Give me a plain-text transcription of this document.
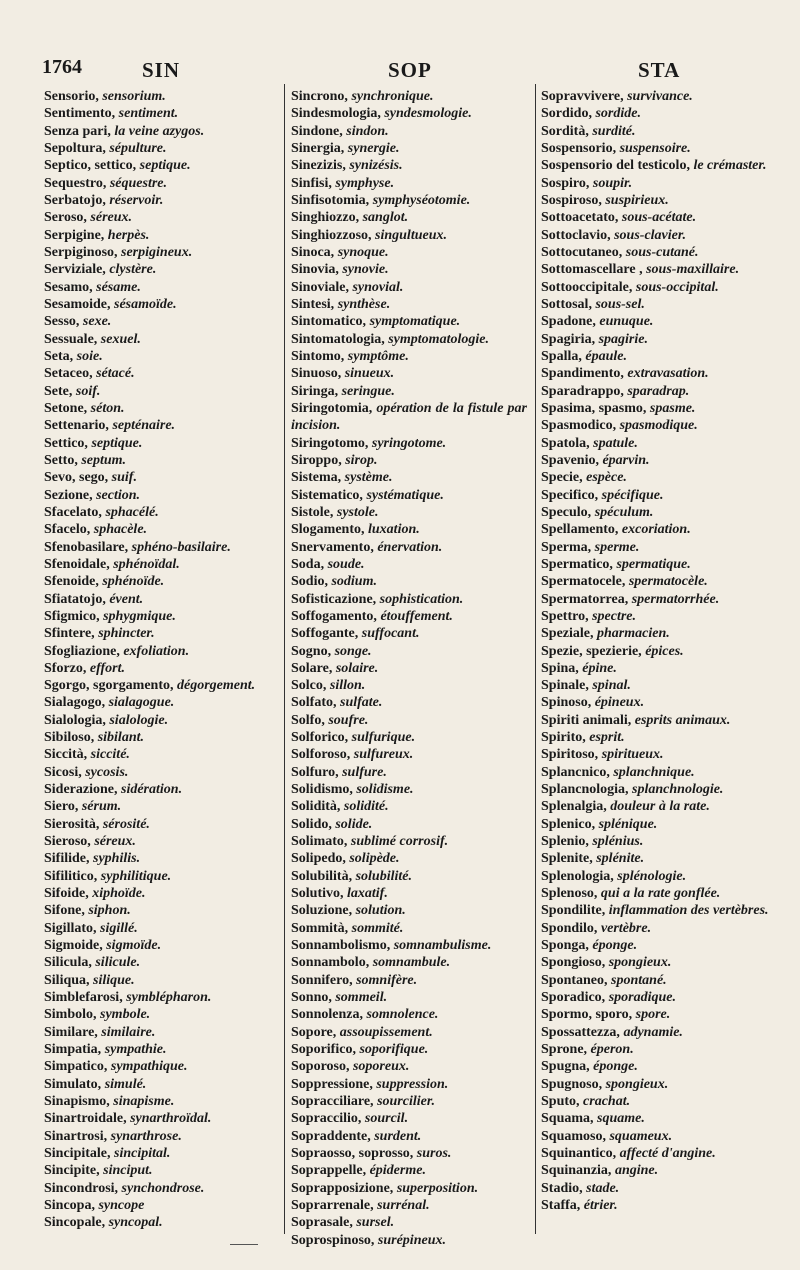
1764	SIN	SOP	STA
Sensorio, sensorium.
Sentimento, sentiment.
Senza pari, la veine azygos.
Sepoltura, sépulture.
Septico, settico, septique.
Sequestro, séquestre.
Serbatojo, réservoir.
Seroso, séreux.
Serpigine, herpès.
Serpiginoso, serpigineux.
Serviziale, clystère.
Sesamo, sésame.
Sesamoide, sésamoïde.
Sesso, sexe.
Sessuale, sexuel.
Seta, soie.
Setaceo, sétacé.
Sete, soif.
Setone, séton.
Settenario, septénaire.
Settico, septique.
Setto, septum.
Sevo, sego, suif.
Sezione, section.
Sfacelato, sphacélé.
Sfacelo, sphacèle.
Sfenobasilare, sphéno-basilaire.
Sfenoidale, sphénoïdal.
Sfenoide, sphénoïde.
Sfiatatojo, évent.
Sfigmico, sphygmique.
Sfintere, sphincter.
Sfogliazione, exfoliation.
Sforzo, effort.
Sgorgo, sgorgamento, dégorgement.
Sialagogo, sialagogue.
Sialologia, sialologie.
Sibiloso, sibilant.
Siccità, siccité.
Sicosi, sycosis.
Siderazione, sidération.
Siero, sérum.
Sierosità, sérosité.
Sieroso, séreux.
Sifilide, syphilis.
Sifilitico, syphilitique.
Sifoide, xiphoïde.
Sifone, siphon.
Sigillato, sigillé.
Sigmoide, sigmoïde.
Silicula, silicule.
Siliqua, silique.
Simblefarosi, symblépharon.
Simbolo, symbole.
Similare, similaire.
Simpatia, sympathie.
Simpatico, sympathique.
Simulato, simulé.
Sinapismo, sinapisme.
Sinartroidale, synarthroïdal.
Sinartrosi, synarthrose.
Sincipitale, sincipital.
Sincipite, sinciput.
Sincondrosi, synchondrose.
Sincopa, syncope
Sincopale, syncopal.
Sincrono, synchronique.
Sindesmologia, syndesmologie.
Sindone, sindon.
Sinergia, synergie.
Sinezizis, synizésis.
Sinfisi, symphyse.
Sinfisotomia, symphyséotomie.
Singhiozzo, sanglot.
Singhiozzoso, singultueux.
Sinoca, synoque.
Sinovia, synovie.
Sinoviale, synovial.
Sintesi, synthèse.
Sintomatico, symptomatique.
Sintomatologia, symptomatologie.
Sintomo, symptôme.
Sinuoso, sinueux.
Siringa, seringue.
Siringotomia, opération de la fistule par incision.
Siringotomo, syringotome.
Siroppo, sirop.
Sistema, système.
Sistematico, systématique.
Sistole, systole.
Slogamento, luxation.
Snervamento, énervation.
Soda, soude.
Sodio, sodium.
Sofisticazione, sophistication.
Soffogamento, étouffement.
Soffogante, suffocant.
Sogno, songe.
Solare, solaire.
Solco, sillon.
Solfato, sulfate.
Solfo, soufre.
Solforico, sulfurique.
Solforoso, sulfureux.
Solfuro, sulfure.
Solidismo, solidisme.
Solidità, solidité.
Solido, solide.
Solimato, sublimé corrosif.
Solipedo, solipède.
Solubilità, solubilité.
Solutivo, laxatif.
Soluzione, solution.
Sommità, sommité.
Sonnambolismo, somnambulisme.
Sonnambolo, somnambule.
Sonnifero, somnifère.
Sonno, sommeil.
Sonnolenza, somnolence.
Sopore, assoupissement.
Soporifico, soporifique.
Soporoso, soporeux.
Soppressione, suppression.
Sopracciliare, sourcilier.
Sopraccilio, sourcil.
Sopraddente, surdent.
Sopraosso, soprosso, suros.
Soprappelle, épiderme.
Soprapposizione, superposition.
Soprarrenale, surrénal.
Soprasale, sursel.
Soprospinoso, surépineux.
Sopravvivere, survivance.
Sordido, sordide.
Sordità, surdité.
Sospensorio, suspensoire.
Sospensorio del testicolo, le crémaster.
Sospiro, soupir.
Sospiroso, suspirieux.
Sottoacetato, sous-acétate.
Sottoclavio, sous-clavier.
Sottocutaneo, sous-cutané.
Sottomascellare , sous-maxillaire.
Sottooccipitale, sous-occipital.
Sottosal, sous-sel.
Spadone, eunuque.
Spagiria, spagirie.
Spalla, épaule.
Spandimento, extravasation.
Sparadrappo, sparadrap.
Spasima, spasmo, spasme.
Spasmodico, spasmodique.
Spatola, spatule.
Spavenio, éparvin.
Specie, espèce.
Specifico, spécifique.
Speculo, spéculum.
Spellamento, excoriation.
Sperma, sperme.
Spermatico, spermatique.
Spermatocele, spermatocèle.
Spermatorrea, spermatorrhée.
Spettro, spectre.
Speziale, pharmacien.
Spezie, spezierie, épices.
Spina, épine.
Spinale, spinal.
Spinoso, épineux.
Spiriti animali, esprits animaux.
Spirito, esprit.
Spiritoso, spiritueux.
Splancnico, splanchnique.
Splancnologia, splanchnologie.
Splenalgia, douleur à la rate.
Splenico, splénique.
Splenio, splénius.
Splenite, splénite.
Splenologia, splénologie.
Splenoso, qui a la rate gonflée.
Spondilite, inflammation des vertèbres.
Spondilo, vertèbre.
Sponga, éponge.
Spongioso, spongieux.
Spontaneo, spontané.
Sporadico, sporadique.
Spormo, sporo, spore.
Spossattezza, adynamie.
Sprone, éperon.
Spugna, éponge.
Spugnoso, spongieux.
Sputo, crachat.
Squama, squame.
Squamoso, squameux.
Squinantico, affecté d'angine.
Squinanzia, angine.
Stadio, stade.
Staffa, étrier.
